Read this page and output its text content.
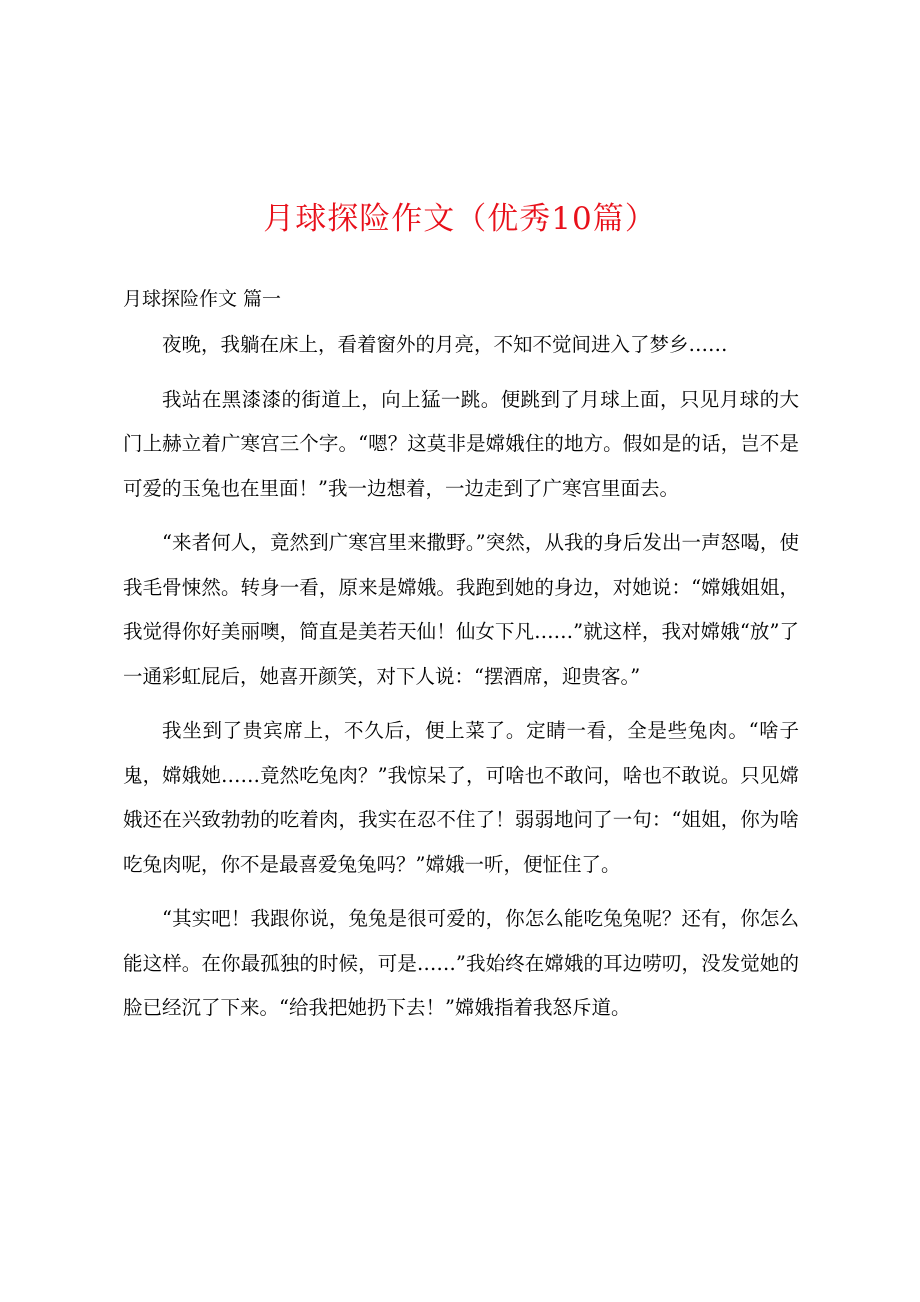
月球探险作文（优秀10篇）
月球探险作文 篇一

夜晚，我躺在床上，看着窗外的月亮，不知不觉间进入了梦乡……

我站在黑漆漆的街道上，向上猛一跳。便跳到了月球上面，只见月球的大门上赫立着广寒宫三个字。“嗯？这莫非是嫦娥住的地方。假如是的话，岂不是可爱的玉兔也在里面！”我一边想着，一边走到了广寒宫里面去。

“来者何人，竟然到广寒宫里来撒野。”突然，从我的身后发出一声怒喝，使我毛骨悚然。转身一看，原来是嫦娥。我跑到她的身边，对她说：“嫦娥姐姐，我觉得你好美丽噢，简直是美若天仙！仙女下凡……”就这样，我对嫦娥“放”了一通彩虹屁后，她喜开颜笑，对下人说：“摆酒席，迎贵客。”

我坐到了贵宾席上，不久后，便上菜了。定睛一看，全是些兔肉。“啥子鬼，嫦娥她……竟然吃兔肉？”我惊呆了，可啥也不敢问，啥也不敢说。只见嫦娥还在兴致勃勃的吃着肉，我实在忍不住了！弱弱地问了一句：“姐姐，你为啥吃兔肉呢，你不是最喜爱兔兔吗？”嫦娥一听，便怔住了。

“其实吧！我跟你说，兔兔是很可爱的，你怎么能吃兔兔呢？还有，你怎么能这样。在你最孤独的时候，可是……”我始终在嫦娥的耳边唠叨，没发觉她的脸已经沉了下来。“给我把她扔下去！”嫦娥指着我怒斥道。
